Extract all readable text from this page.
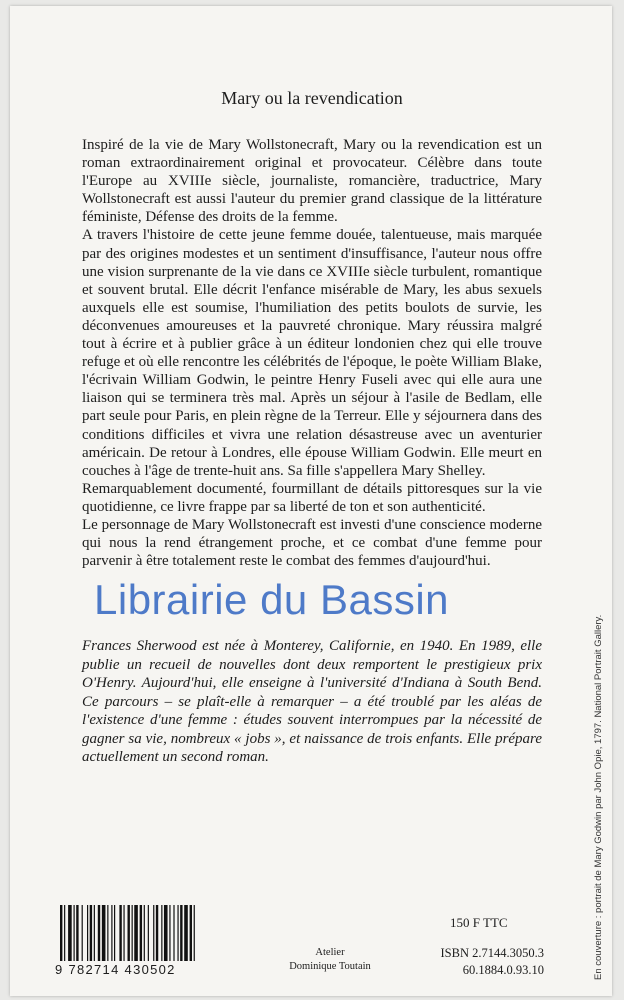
Mary ou la revendication

Inspiré de la vie de Mary Wollstonecraft, Mary ou la revendication est un roman extraordinairement original et provocateur. Célèbre dans toute l'Europe au XVIIIe siècle, journaliste, romancière, traductrice, Mary Wollstonecraft est aussi l'auteur du premier grand classique de la littérature féministe, Défense des droits de la femme.

A travers l'histoire de cette jeune femme douée, talentueuse, mais marquée par des origines modestes et un sentiment d'insuffisance, l'auteur nous offre une vision surprenante de la vie dans ce XVIIIe siècle turbulent, romantique et souvent brutal. Elle décrit l'enfance misérable de Mary, les abus sexuels auxquels elle est soumise, l'humiliation des petits boulots de survie, les déconvenues amoureuses et la pauvreté chronique. Mary réussira malgré tout à écrire et à publier grâce à un éditeur londonien chez qui elle trouve refuge et où elle rencontre les célébrités de l'époque, le poète William Blake, l'écrivain William Godwin, le peintre Henry Fuseli avec qui elle aura une liaison qui se terminera très mal. Après un séjour à l'asile de Bedlam, elle part seule pour Paris, en plein règne de la Terreur. Elle y séjournera dans des conditions difficiles et vivra une relation désastreuse avec un aventurier américain. De retour à Londres, elle épouse William Godwin. Elle meurt en couches à l'âge de trente-huit ans. Sa fille s'appellera Mary Shelley.

Remarquablement documenté, fourmillant de détails pittoresques sur la vie quotidienne, ce livre frappe par sa liberté de ton et son authenticité.

Le personnage de Mary Wollstonecraft est investi d'une conscience moderne qui nous la rend étrangement proche, et ce combat d'une femme pour parvenir à être totalement reste le combat des femmes d'aujourd'hui.

Frances Sherwood est née à Monterey, Californie, en 1940. En 1989, elle publie un recueil de nouvelles dont deux remportent le prestigieux prix O'Henry. Aujourd'hui, elle enseigne à l'université d'Indiana à South Bend. Ce parcours – se plaît-elle à remarquer – a été troublé par les aléas de l'existence d'une femme : études souvent interrompues par la nécessité de gagner sa vie, nombreux « jobs », et naissance de trois enfants. Elle prépare actuellement un second roman.

Librairie du Bassin
9 782714 430502
Atelier
Dominique Toutain
150 F TTC
ISBN 2.7144.3050.3
60.1884.0.93.10	En couverture : portrait de Mary Godwin par John Opie, 1797. National Portrait Gallery.
